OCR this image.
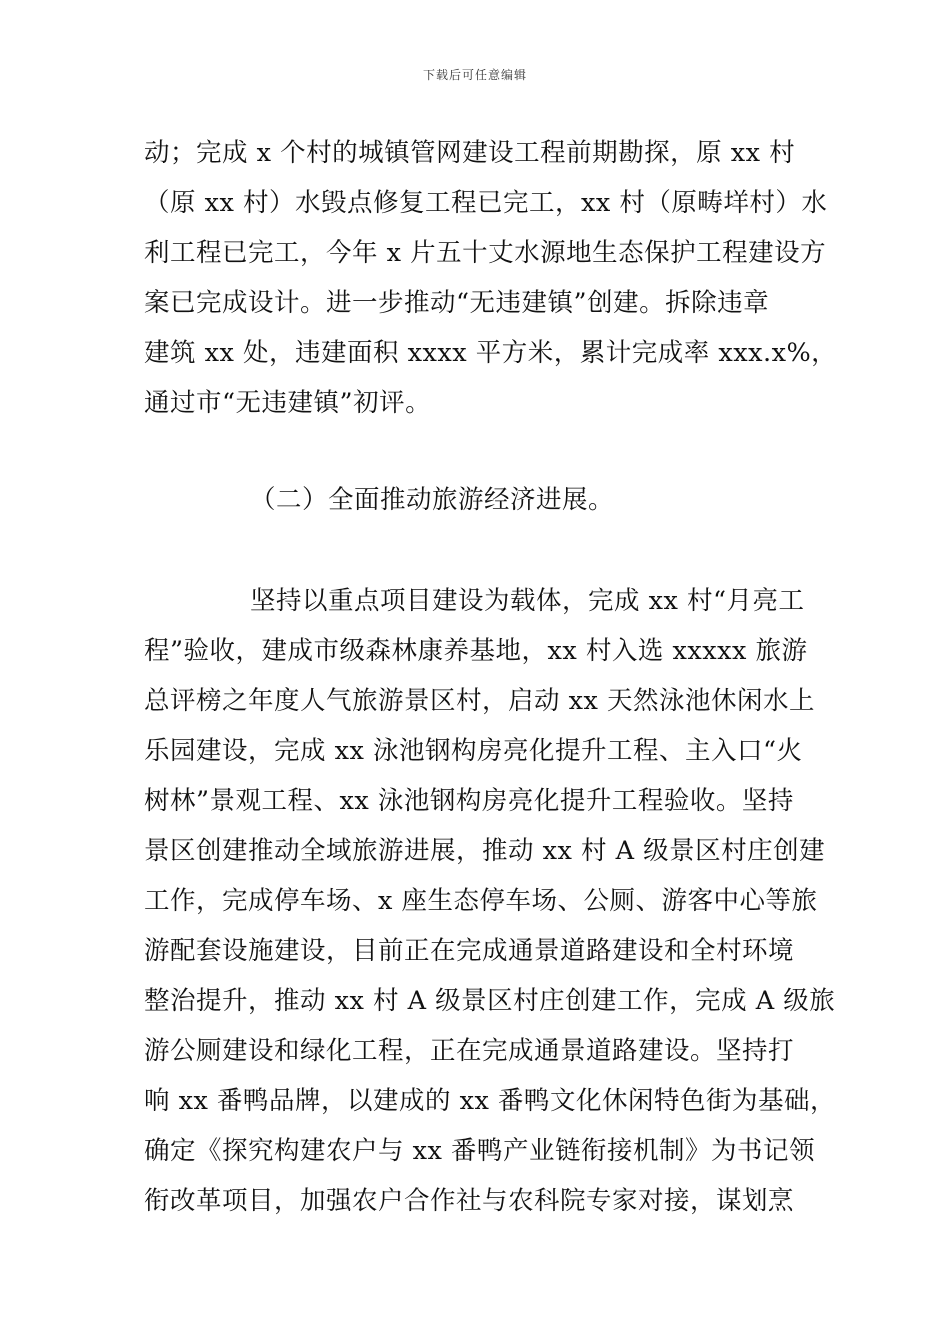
下载后可任意编辑
动；完成 x 个村的城镇管网建设工程前期勘探，原 xx 村
（原 xx 村）水毁点修复工程已完工，xx 村（原畴垟村）水
利工程已完工，今年 x 片五十丈水源地生态保护工程建设方
案已完成设计。进一步推动“无违建镇”创建。拆除违章
建筑 xx 处，违建面积 xxxx 平方米，累计完成率 xxx.x%，
通过市“无违建镇”初评。
（二）全面推动旅游经济进展。
坚持以重点项目建设为载体，完成 xx 村“月亮工
程”验收，建成市级森林康养基地，xx 村入选 xxxxx 旅游
总评榜之年度人气旅游景区村，启动 xx 天然泳池休闲水上
乐园建设，完成 xx 泳池钢构房亮化提升工程、主入口“火
树林”景观工程、xx 泳池钢构房亮化提升工程验收。坚持
景区创建推动全域旅游进展，推动 xx 村 A 级景区村庄创建
工作，完成停车场、x 座生态停车场、公厕、游客中心等旅
游配套设施建设，目前正在完成通景道路建设和全村环境
整治提升，推动 xx 村 A 级景区村庄创建工作，完成 A 级旅
游公厕建设和绿化工程，正在完成通景道路建设。坚持打
响 xx 番鸭品牌，以建成的 xx 番鸭文化休闲特色街为基础，
确定《探究构建农户与 xx 番鸭产业链衔接机制》为书记领
衔改革项目，加强农户合作社与农科院专家对接，谋划烹
